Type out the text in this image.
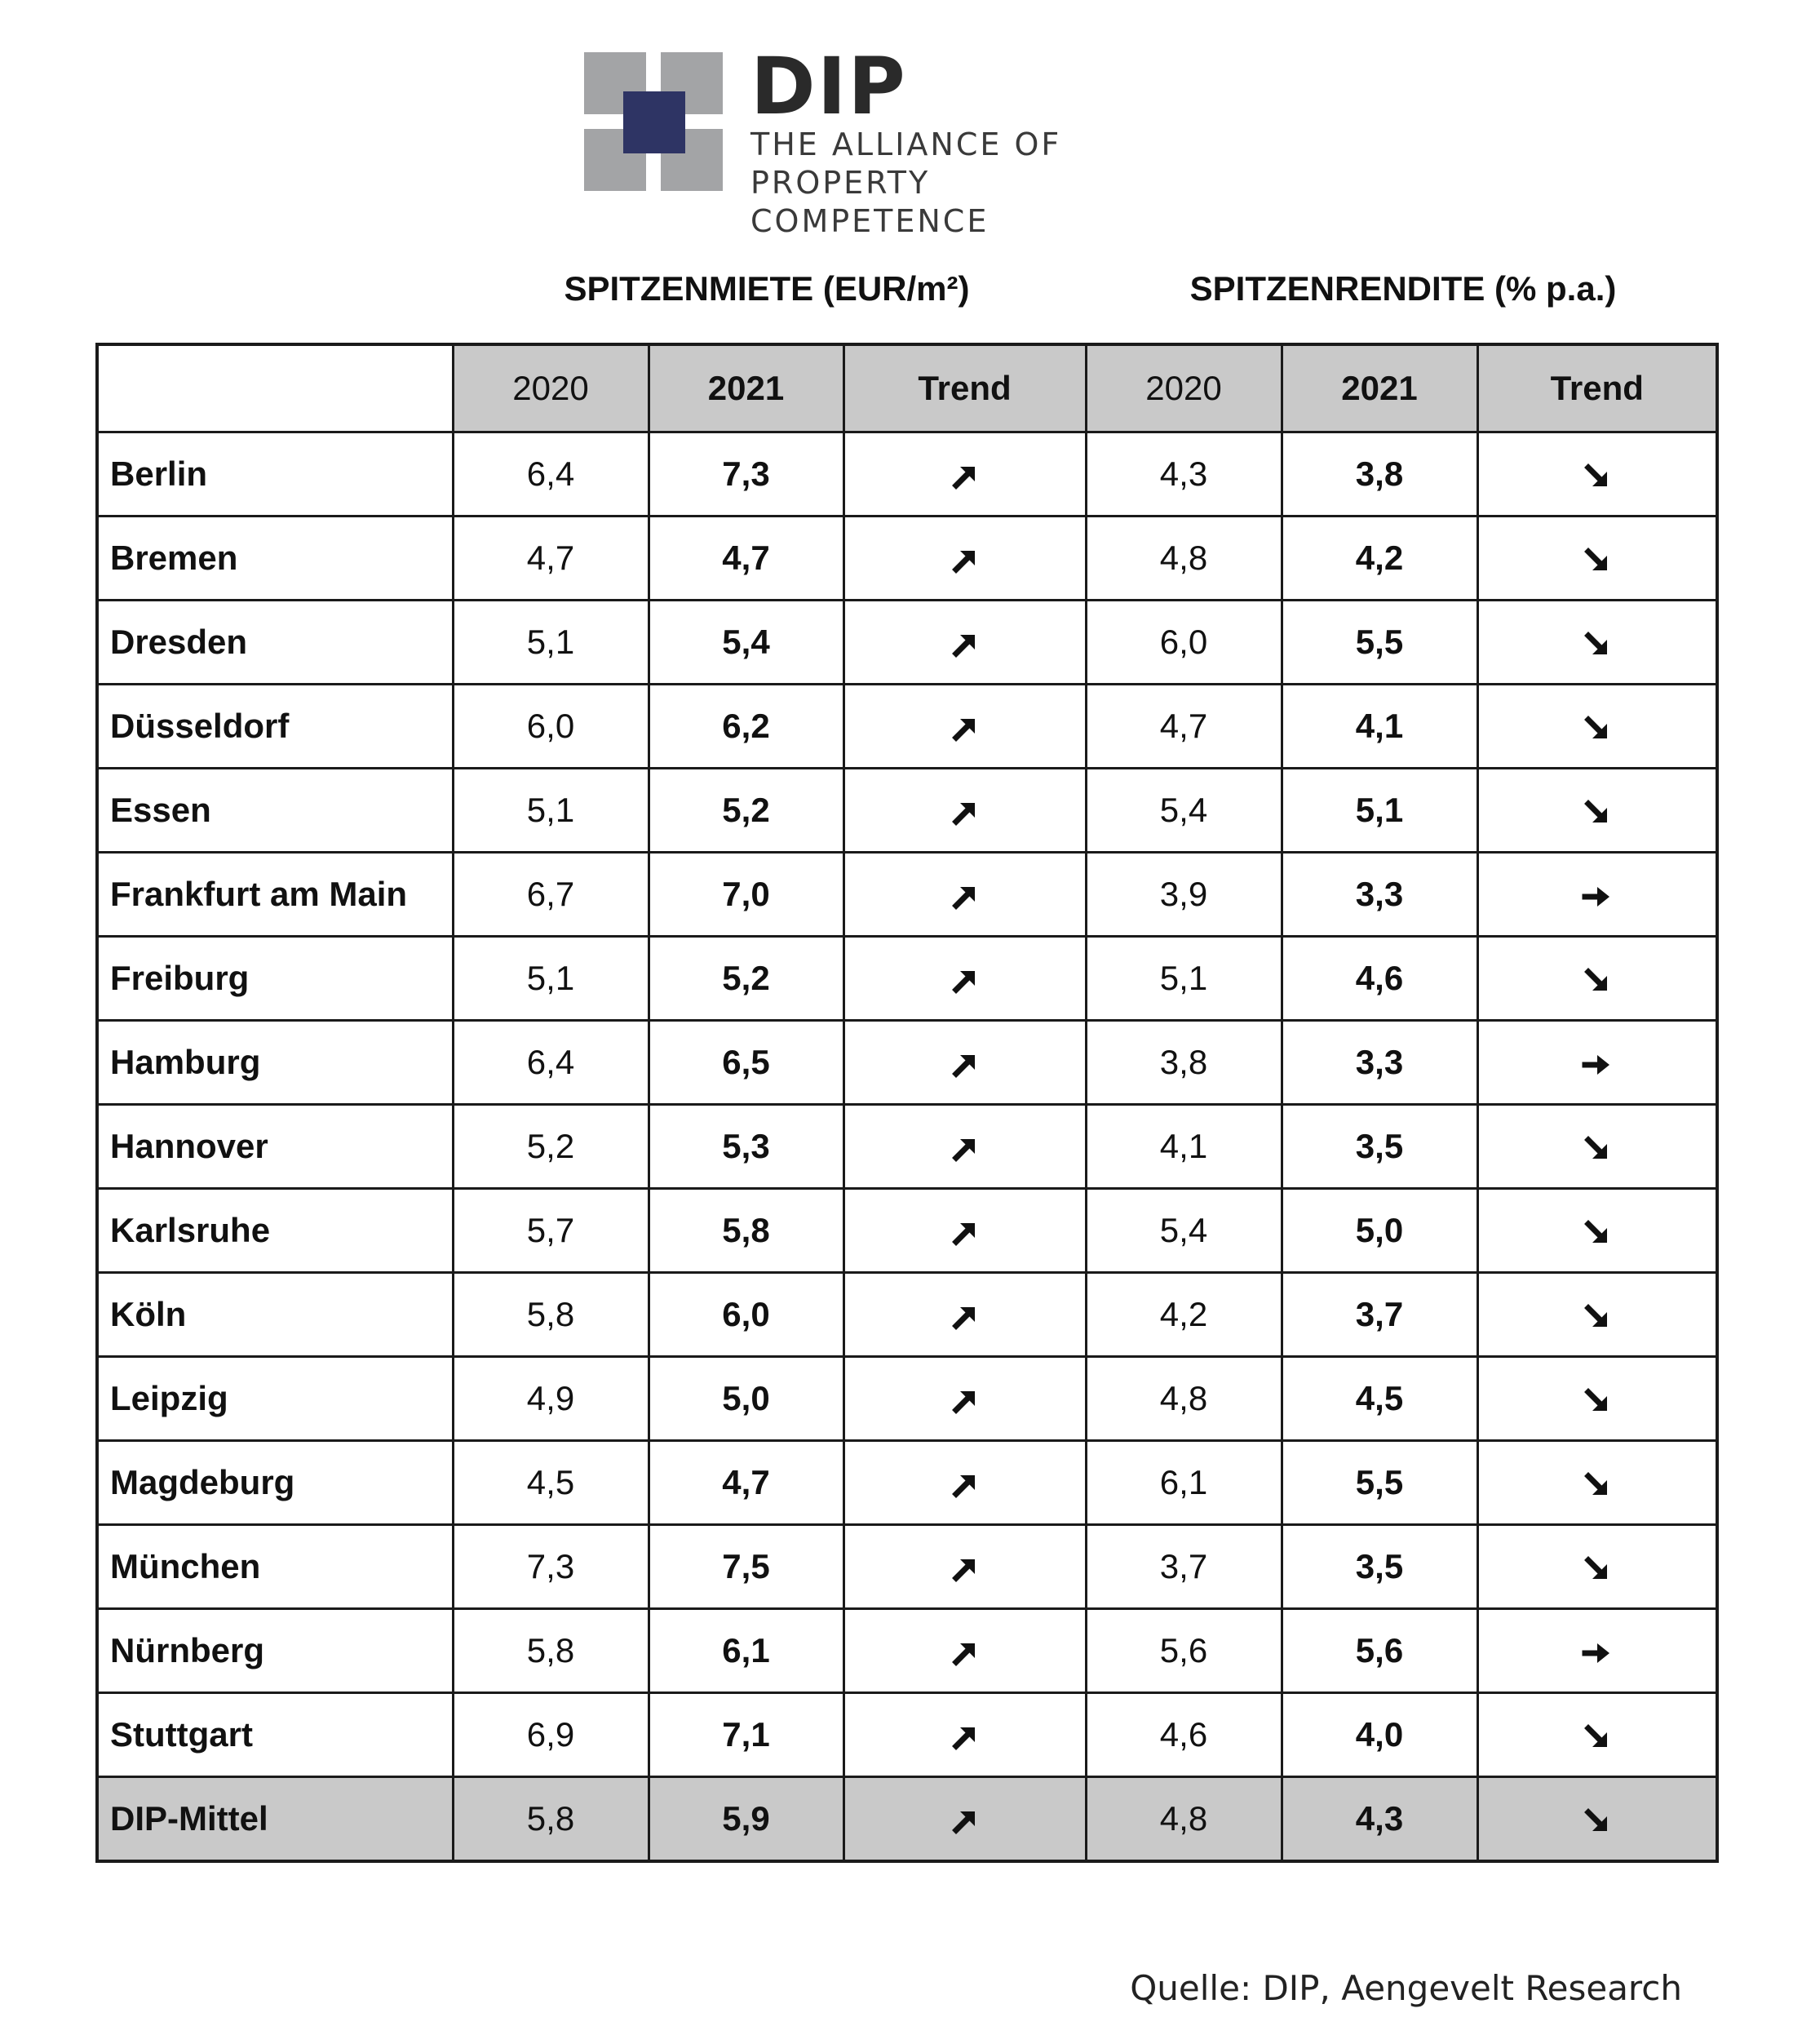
DIP
THE ALLIANCE OF
PROPERTY COMPETENCE
SPITZENMIETE (EUR/m²)	SPITZENRENDITE (% p.a.)
	2020	2021	Trend	2020	2021	Trend
Berlin	6,4	7,3		4,3	3,8	

Bremen	4,7	4,7		4,8	4,2	

Dresden	5,1	5,4		6,0	5,5	

Düsseldorf	6,0	6,2		4,7	4,1	

Essen	5,1	5,2		5,4	5,1	

Frankfurt am Main	6,7	7,0		3,9	3,3	

Freiburg	5,1	5,2		5,1	4,6	

Hamburg	6,4	6,5		3,8	3,3	

Hannover	5,2	5,3		4,1	3,5	

Karlsruhe	5,7	5,8		5,4	5,0	

Köln	5,8	6,0		4,2	3,7	

Leipzig	4,9	5,0		4,8	4,5	

Magdeburg	4,5	4,7		6,1	5,5	

München	7,3	7,5		3,7	3,5	

Nürnberg	5,8	6,1		5,6	5,6	

Stuttgart	6,9	7,1		4,6	4,0	

DIP-Mittel	5,8	5,9		4,8	4,3	
Quelle: DIP, Aengevelt Research
